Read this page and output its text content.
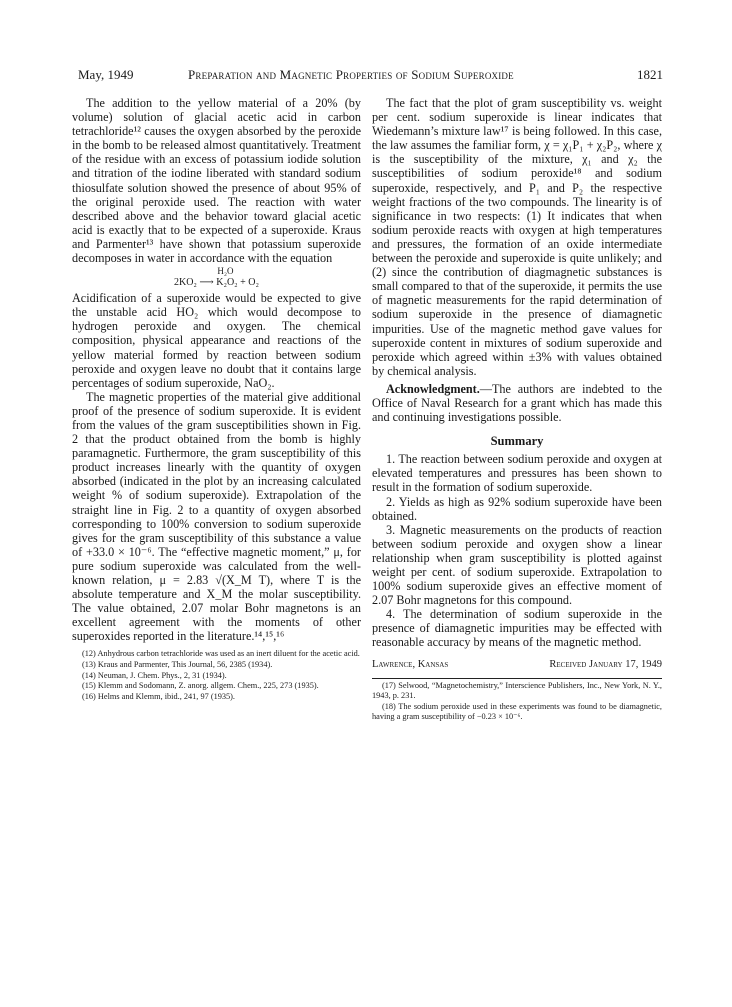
May, 1949	Preparation and Magnetic Properties of Sodium Superoxide	1821

The addition to the yellow material of a 20% (by volume) solution of glacial acetic acid in carbon tetrachloride¹² causes the oxygen absorbed by the peroxide in the bomb to be released almost quantitatively. Treatment of the residue with an excess of potassium iodide solution and titration of the iodine liberated with standard sodium thiosulfate solution showed the presence of about 95% of the original peroxide used. The reaction with water described above and the behavior toward glacial acetic acid is exactly that to be expected of a superoxide. Kraus and Parmenter¹³ have shown that potassium superoxide decomposes in water in accordance with the equation

H₂O
2KO₂ ⟶ K₂O₂ + O₂

Acidification of a superoxide would be expected to give the unstable acid HO₂ which would decompose to hydrogen peroxide and oxygen. The chemical composition, physical appearance and reactions of the yellow material formed by reaction between sodium peroxide and oxygen leave no doubt that it contains large percentages of sodium superoxide, NaO₂.

The magnetic properties of the material give additional proof of the presence of sodium superoxide. It is evident from the values of the gram susceptibilities shown in Fig. 2 that the product obtained from the bomb is highly paramagnetic. Furthermore, the gram susceptibility of this product increases linearly with the quantity of oxygen absorbed (indicated in the plot by an increasing calculated weight % of sodium superoxide). Extrapolation of the straight line in Fig. 2 to a quantity of oxygen absorbed corresponding to 100% conversion to sodium superoxide gives for the gram susceptibility of this substance a value of +33.0 × 10⁻⁶. The “effective magnetic moment,” μ, for pure sodium superoxide was calculated from the well-known relation, μ = 2.83 √(X_M T), where T is the absolute temperature and X_M the molar susceptibility. The value obtained, 2.07 molar Bohr magnetons is an excellent agreement with the moments of other superoxides reported in the literature.¹⁴,¹⁵,¹⁶

(12) Anhydrous carbon tetrachloride was used as an inert diluent for the acetic acid.
(13) Kraus and Parmenter, This Journal, 56, 2385 (1934).
(14) Neuman, J. Chem. Phys., 2, 31 (1934).
(15) Klemm and Sodomann, Z. anorg. allgem. Chem., 225, 273 (1935).
(16) Helms and Klemm, ibid., 241, 97 (1935).

The fact that the plot of gram susceptibility vs. weight per cent. sodium superoxide is linear indicates that Wiedemann’s mixture law¹⁷ is being followed. In this case, the law assumes the familiar form, χ = χ₁P₁ + χ₂P₂, where χ is the susceptibility of the mixture, χ₁ and χ₂ the susceptibilities of sodium peroxide¹⁸ and sodium superoxide, respectively, and P₁ and P₂ the respective weight fractions of the two compounds. The linearity is of significance in two respects: (1) It indicates that when sodium peroxide reacts with oxygen at high temperatures and pressures, the formation of an oxide intermediate between the peroxide and superoxide is quite unlikely; and (2) since the contribution of diagmagnetic substances is small compared to that of the superoxide, it permits the use of magnetic measurements for the rapid determination of sodium superoxide in the presence of diamagnetic impurities. Use of the magnetic method gave values for superoxide content in mixtures of sodium superoxide and peroxide which agreed within ±3% with values obtained by chemical analysis.

Acknowledgment.—The authors are indebted to the Office of Naval Research for a grant which has made this and continuing investigations possible.

Summary

1. The reaction between sodium peroxide and oxygen at elevated temperatures and pressures has been shown to result in the formation of sodium superoxide.

2. Yields as high as 92% sodium superoxide have been obtained.

3. Magnetic measurements on the products of reaction between sodium peroxide and oxygen show a linear relationship when gram susceptibility is plotted against weight per cent. of sodium superoxide. Extrapolation to 100% sodium superoxide gives an effective moment of 2.07 Bohr magnetons for this compound.

4. The determination of sodium superoxide in the presence of diamagnetic impurities may be effected with reasonable accuracy by means of the magnetic method.

Lawrence, Kansas	Received January 17, 1949
(17) Selwood, “Magnetochemistry,” Interscience Publishers, Inc., New York, N. Y., 1943, p. 231.
(18) The sodium peroxide used in these experiments was found to be diamagnetic, having a gram susceptibility of −0.23 × 10⁻⁶.
